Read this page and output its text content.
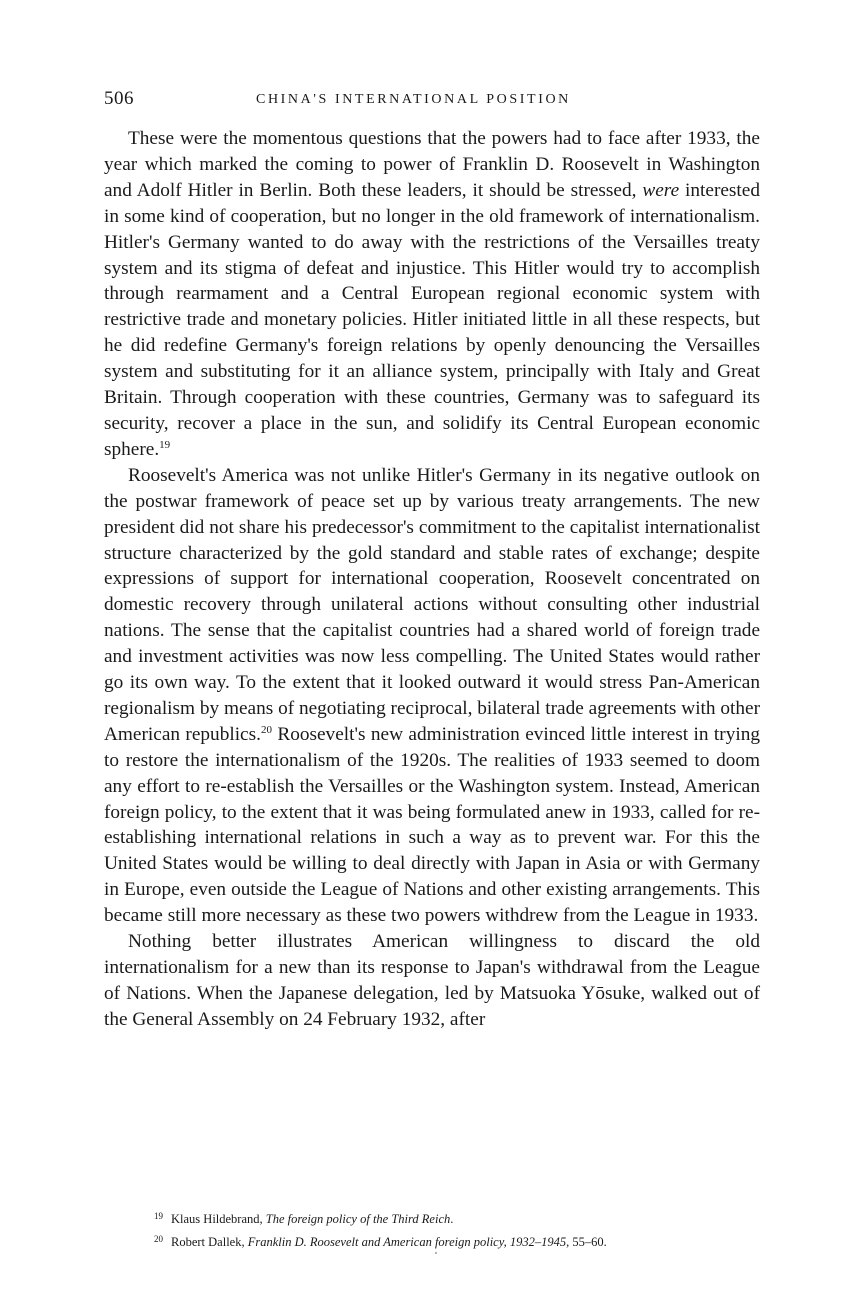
506	CHINA'S INTERNATIONAL POSITION

These were the momentous questions that the powers had to face after 1933, the year which marked the coming to power of Franklin D. Roosevelt in Washington and Adolf Hitler in Berlin. Both these leaders, it should be stressed, were interested in some kind of cooperation, but no longer in the old framework of internationalism. Hitler's Germany wanted to do away with the restrictions of the Versailles treaty system and its stigma of defeat and injustice. This Hitler would try to accomplish through rearmament and a Central European regional economic system with restrictive trade and monetary policies. Hitler initiated little in all these respects, but he did redefine Germany's foreign relations by openly denouncing the Versailles system and substituting for it an alliance system, principally with Italy and Great Britain. Through cooperation with these countries, Germany was to safeguard its security, recover a place in the sun, and solidify its Central European economic sphere.$^{19}$

Roosevelt's America was not unlike Hitler's Germany in its negative outlook on the postwar framework of peace set up by various treaty arrangements. The new president did not share his predecessor's commitment to the capitalist internationalist structure characterized by the gold standard and stable rates of exchange; despite expressions of support for international cooperation, Roosevelt concentrated on domestic recovery through unilateral actions without consulting other industrial nations. The sense that the capitalist countries had a shared world of foreign trade and investment activities was now less compelling. The United States would rather go its own way. To the extent that it looked outward it would stress Pan-American regionalism by means of negotiating reciprocal, bilateral trade agreements with other American republics.$^{20}$ Roosevelt's new administration evinced little interest in trying to restore the internationalism of the 1920s. The realities of 1933 seemed to doom any effort to re-establish the Versailles or the Washington system. Instead, American foreign policy, to the extent that it was being formulated anew in 1933, called for re-establishing international relations in such a way as to prevent war. For this the United States would be willing to deal directly with Japan in Asia or with Germany in Europe, even outside the League of Nations and other existing arrangements. This became still more necessary as these two powers withdrew from the League in 1933.

Nothing better illustrates American willingness to discard the old internationalism for a new than its response to Japan's withdrawal from the League of Nations. When the Japanese delegation, led by Matsuoka Yōsuke, walked out of the General Assembly on 24 February 1932, after

$^{19}$ Klaus Hildebrand, The foreign policy of the Third Reich.

$^{20}$ Robert Dallek, Franklin D. Roosevelt and American foreign policy, 1932–1945, 55–60.
